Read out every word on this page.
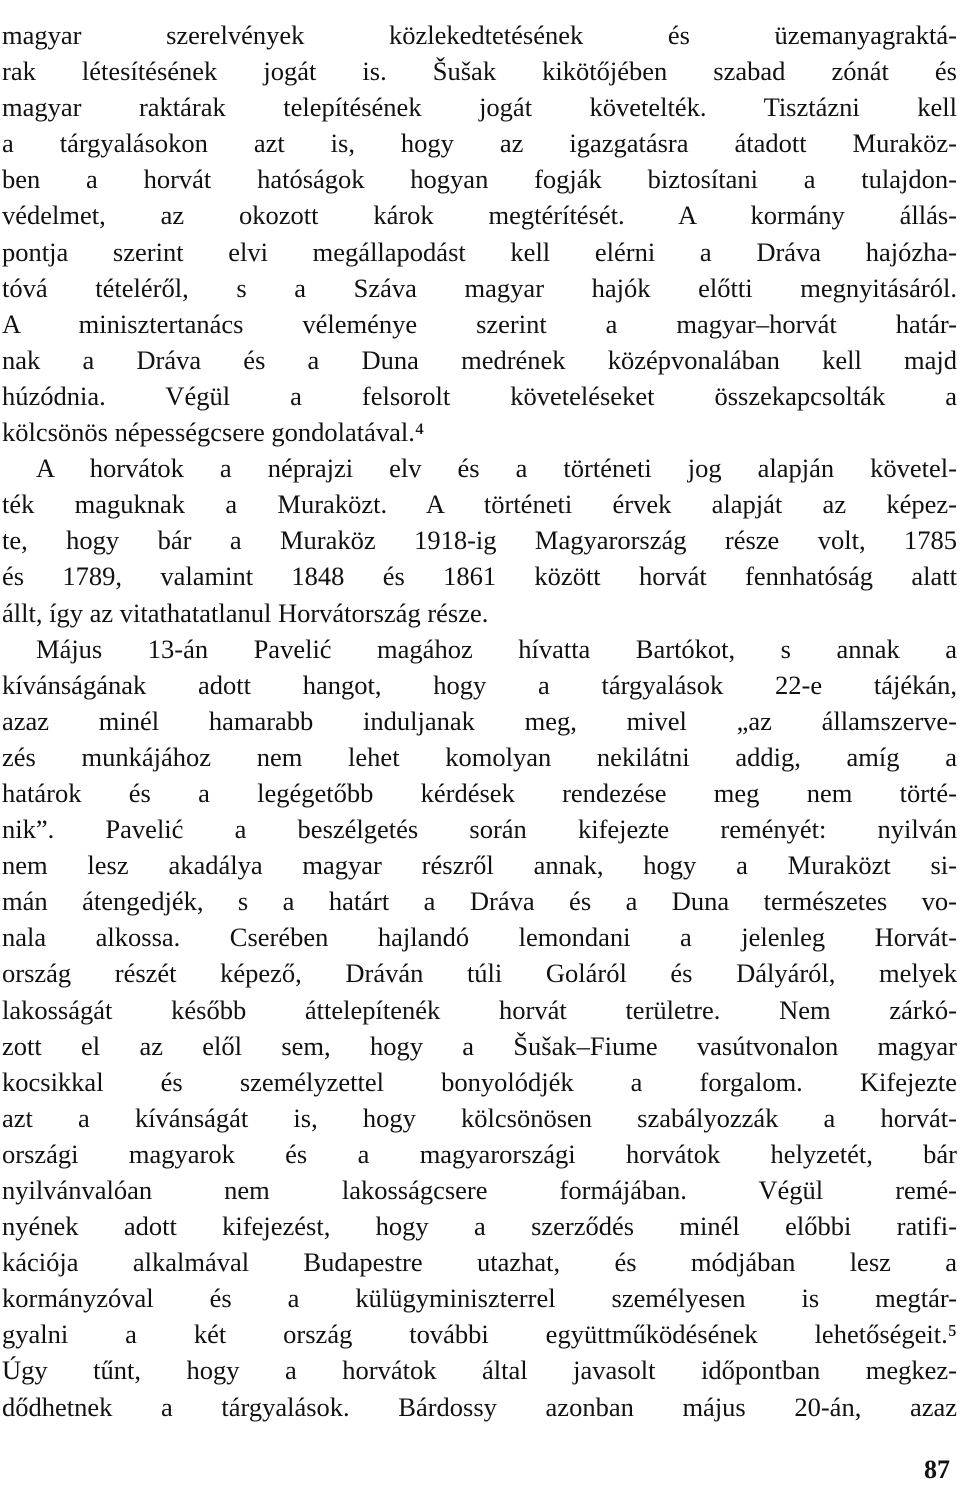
magyar szerelvények közlekedtetésének és üzemanyagraktá-
rak létesítésének jogát is. Šušak kikötőjében szabad zónát és
magyar raktárak telepítésének jogát követelték. Tisztázni kell
a tárgyalásokon azt is, hogy az igazgatásra átadott Muraköz-
ben a horvát hatóságok hogyan fogják biztosítani a tulajdon-
védelmet, az okozott károk megtérítését. A kormány állás-
pontja szerint elvi megállapodást kell elérni a Dráva hajózha-
tóvá tételéről, s a Száva magyar hajók előtti megnyitásáról.
A minisztertanács véleménye szerint a magyar–horvát határ-
nak a Dráva és a Duna medrének középvonalában kell majd
húzódnia. Végül a felsorolt követeléseket összekapcsolták a
kölcsönös népességcsere gondolatával.⁴
A horvátok a néprajzi elv és a történeti jog alapján követel-
ték maguknak a Muraközt. A történeti érvek alapját az képez-
te, hogy bár a Muraköz 1918-ig Magyarország része volt, 1785
és 1789, valamint 1848 és 1861 között horvát fennhatóság alatt
állt, így az vitathatatlanul Horvátország része.
Május 13-án Pavelić magához hívatta Bartókot, s annak a
kívánságának adott hangot, hogy a tárgyalások 22-e tájékán,
azaz minél hamarabb induljanak meg, mivel „az államszerve-
zés munkájához nem lehet komolyan nekilátni addig, amíg a
határok és a legégetőbb kérdések rendezése meg nem törté-
nik”. Pavelić a beszélgetés során kifejezte reményét: nyilván
nem lesz akadálya magyar részről annak, hogy a Muraközt si-
mán átengedjék, s a határt a Dráva és a Duna természetes vo-
nala alkossa. Cserében hajlandó lemondani a jelenleg Horvát-
ország részét képező, Dráván túli Goláról és Dályáról, melyek
lakosságát később áttelepítenék horvát területre. Nem zárkó-
zott el az elől sem, hogy a Šušak–Fiume vasútvonalon magyar
kocsikkal és személyzettel bonyolódjék a forgalom. Kifejezte
azt a kívánságát is, hogy kölcsönösen szabályozzák a horvát-
országi magyarok és a magyarországi horvátok helyzetét, bár
nyilvánvalóan nem lakosságcsere formájában. Végül remé-
nyének adott kifejezést, hogy a szerződés minél előbbi ratifi-
kációja alkalmával Budapestre utazhat, és módjában lesz a
kormányzóval és a külügyminiszterrel személyesen is megtár-
gyalni a két ország további együttműködésének lehetőségeit.⁵
Úgy tűnt, hogy a horvátok által javasolt időpontban megkez-
dődhetnek a tárgyalások. Bárdossy azonban május 20-án, azaz
87
